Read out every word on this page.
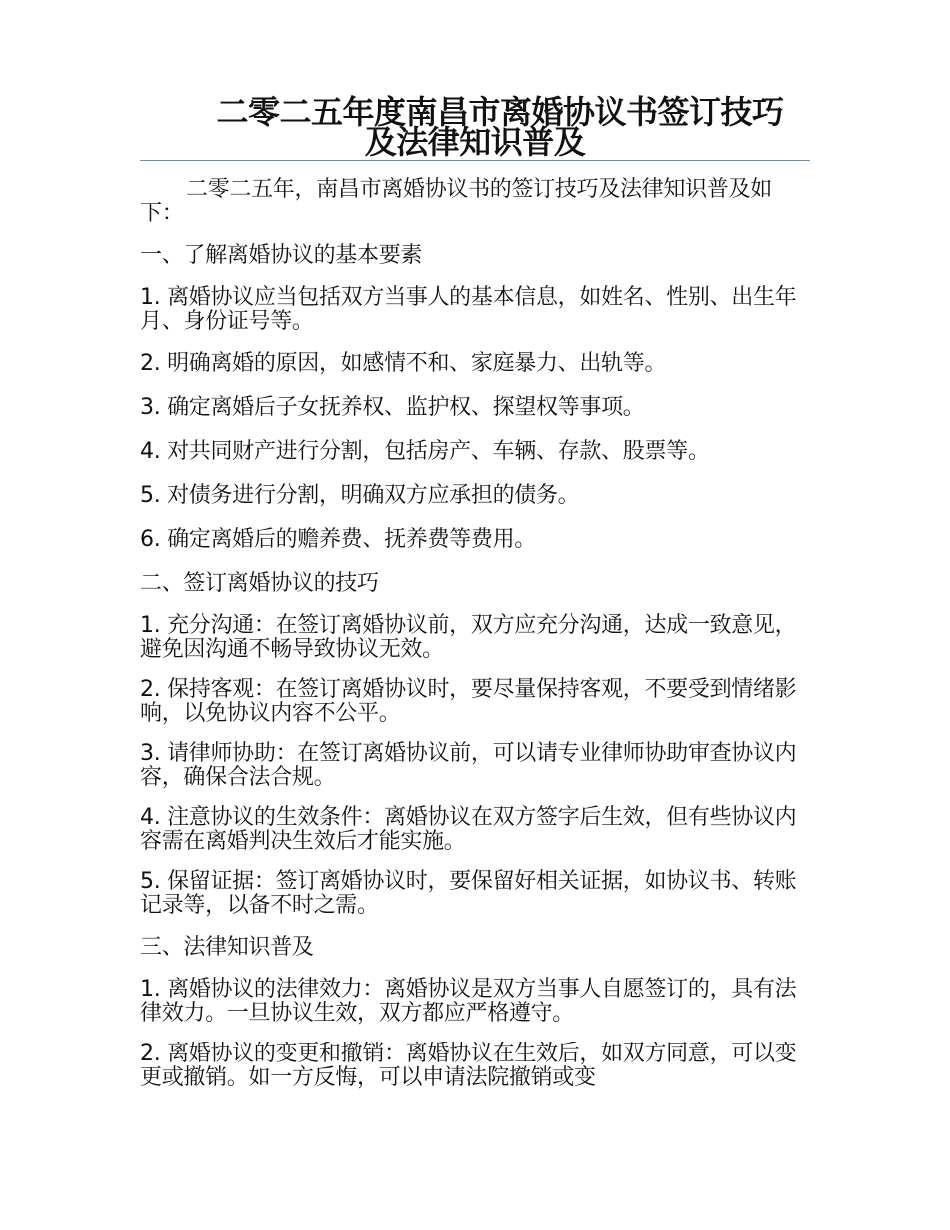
二零二五年度南昌市离婚协议书签订技巧
及法律知识普及

二零二五年，南昌市离婚协议书的签订技巧及法律知识普及如下：

一、了解离婚协议的基本要素

1. 离婚协议应当包括双方当事人的基本信息，如姓名、性别、出生年月、身份证号等。

2. 明确离婚的原因，如感情不和、家庭暴力、出轨等。

3. 确定离婚后子女抚养权、监护权、探望权等事项。

4. 对共同财产进行分割，包括房产、车辆、存款、股票等。

5. 对债务进行分割，明确双方应承担的债务。

6. 确定离婚后的赡养费、抚养费等费用。

二、签订离婚协议的技巧

1. 充分沟通：在签订离婚协议前，双方应充分沟通，达成一致意见，避免因沟通不畅导致协议无效。

2. 保持客观：在签订离婚协议时，要尽量保持客观，不要受到情绪影响，以免协议内容不公平。

3. 请律师协助：在签订离婚协议前，可以请专业律师协助审查协议内容，确保合法合规。

4. 注意协议的生效条件：离婚协议在双方签字后生效，但有些协议内容需在离婚判决生效后才能实施。

5. 保留证据：签订离婚协议时，要保留好相关证据，如协议书、转账记录等，以备不时之需。

三、法律知识普及

1. 离婚协议的法律效力：离婚协议是双方当事人自愿签订的，具有法律效力。一旦协议生效，双方都应严格遵守。

2. 离婚协议的变更和撤销：离婚协议在生效后，如双方同意，可以变更或撤销。如一方反悔，可以申请法院撤销或变
